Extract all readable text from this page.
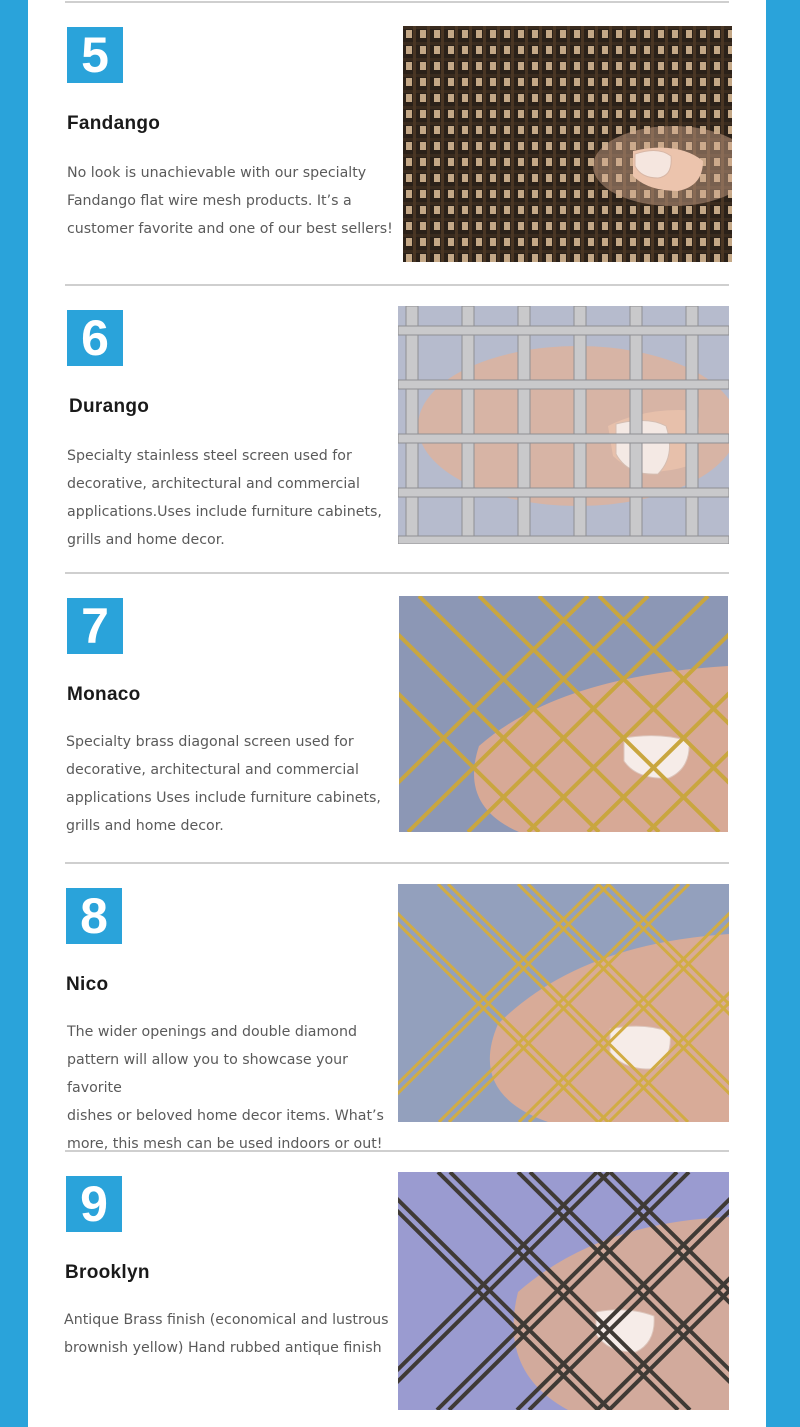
5
Fandango
No look is unachievable with our specialty
Fandango flat wire mesh products. It’s a
customer favorite and one of our best sellers!
6
Durango
Specialty stainless steel screen used for
decorative, architectural and commercial
applications.Uses include furniture cabinets,
grills and home decor.
7
Monaco
Specialty brass diagonal screen used for
decorative, architectural and commercial
applications Uses include furniture cabinets,
grills and home decor.
8
Nico
The wider openings and double diamond
pattern will allow you to showcase your favorite
dishes or beloved home decor items. What’s
more, this mesh can be used indoors or out!
9
Brooklyn
Antique Brass finish (economical and lustrous
brownish yellow) Hand rubbed antique finish
